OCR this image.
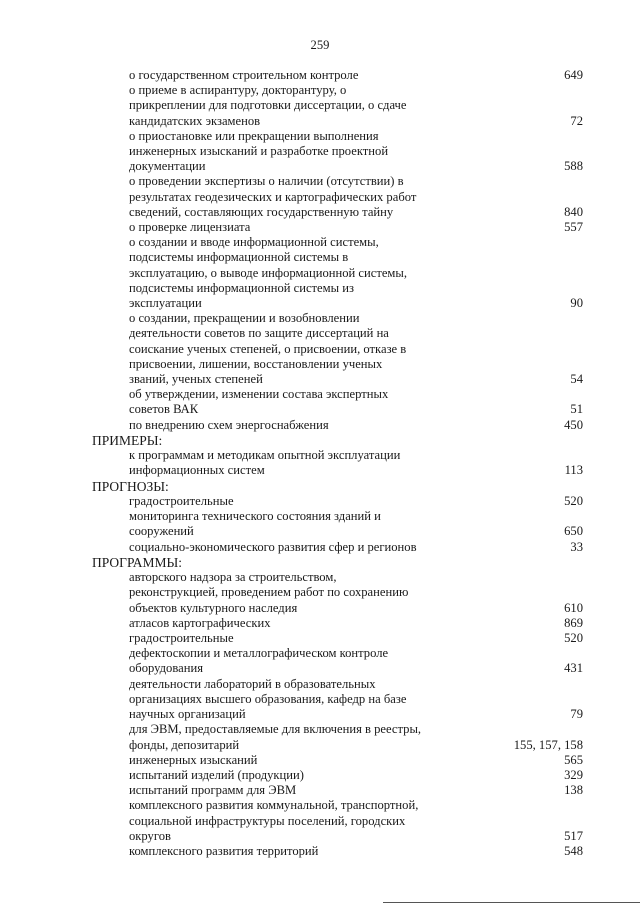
259
о государственном строительном контроле	649
о приеме в аспирантуру, докторантуру, о
прикреплении для подготовки диссертации, о сдаче
кандидатских экзаменов	72
о приостановке или прекращении выполнения
инженерных изысканий и разработке проектной
документации	588
о проведении экспертизы о наличии (отсутствии) в
результатах геодезических и картографических работ
сведений, составляющих государственную тайну	840
о проверке лицензиата	557
о создании и вводе информационной системы,
подсистемы информационной системы в
эксплуатацию, о выводе информационной системы,
подсистемы информационной системы из
эксплуатации	90
о создании, прекращении и возобновлении
деятельности советов по защите диссертаций на
соискание ученых степеней, о присвоении, отказе в
присвоении, лишении, восстановлении ученых
званий, ученых степеней	54
об утверждении, изменении состава экспертных
советов ВАК	51
по внедрению схем энергоснабжения	450
ПРИМЕРЫ:
к программам и методикам опытной эксплуатации
информационных систем	113
ПРОГНОЗЫ:
градостроительные	520
мониторинга технического состояния зданий и
сооружений	650
социально-экономического развития сфер и регионов	33
ПРОГРАММЫ:
авторского надзора за строительством,
реконструкцией, проведением работ по сохранению
объектов культурного наследия	610
атласов картографических	869
градостроительные	520
дефектоскопии и металлографическом контроле
оборудования	431
деятельности лабораторий в образовательных
организациях высшего образования, кафедр на базе
научных организаций	79
для ЭВМ, предоставляемые для включения в реестры,
фонды, депозитарий	155, 157, 158
инженерных изысканий	565
испытаний изделий (продукции)	329
испытаний программ для ЭВМ	138
комплексного развития коммунальной, транспортной,
социальной инфраструктуры поселений, городских
округов	517
комплексного развития территорий	548
